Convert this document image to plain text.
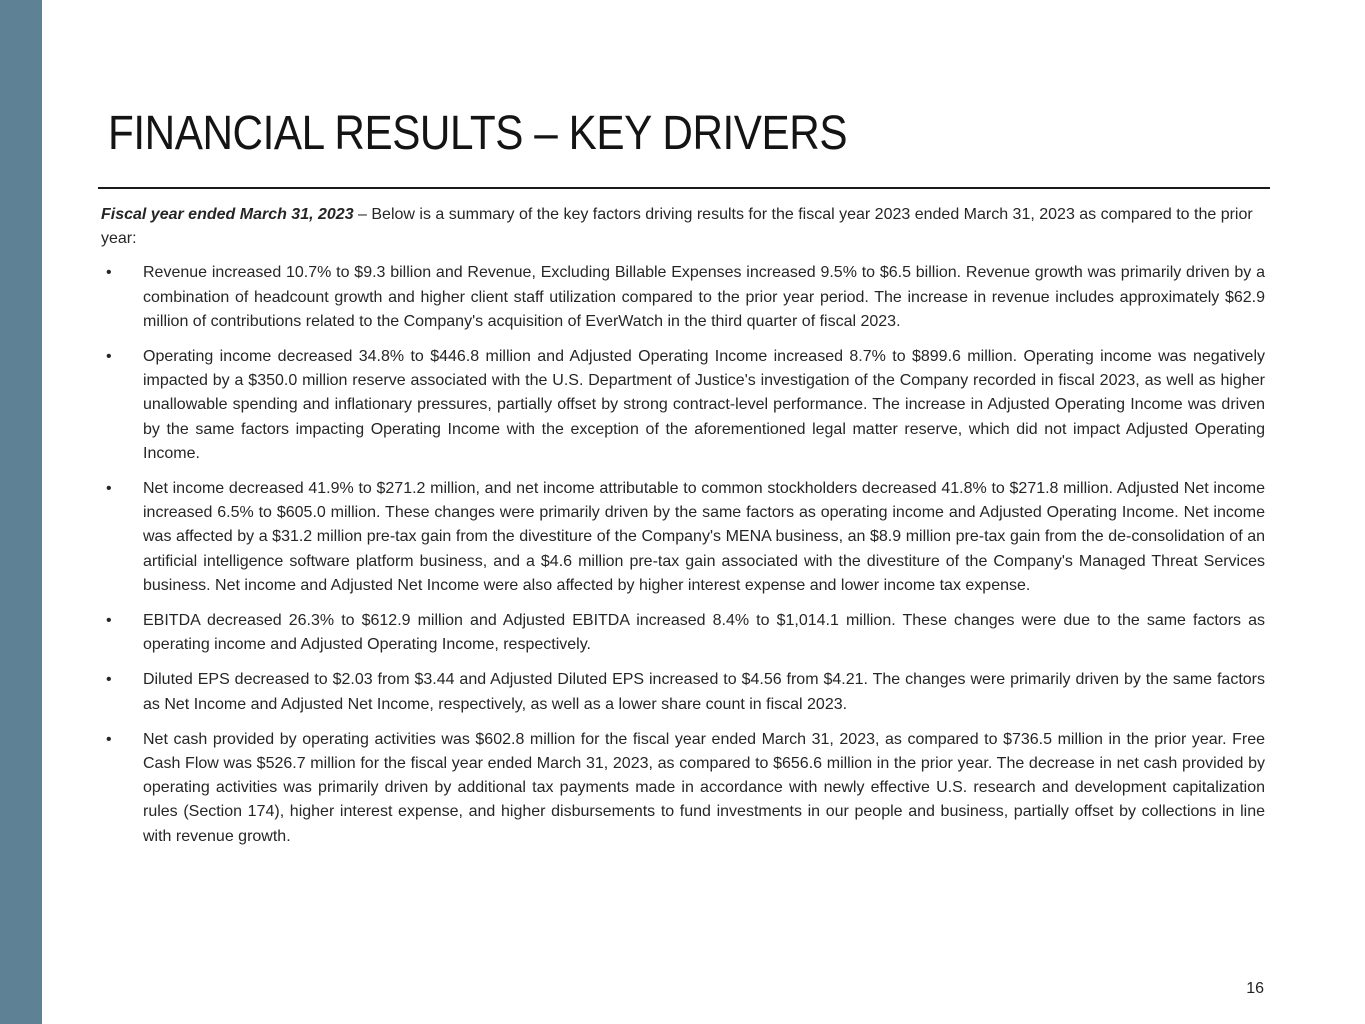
FINANCIAL RESULTS – KEY DRIVERS

Fiscal year ended March 31, 2023 – Below is a summary of the key factors driving results for the fiscal year 2023 ended March 31, 2023 as compared to the prior year:

•	Revenue increased 10.7% to $9.3 billion and Revenue, Excluding Billable Expenses increased 9.5% to $6.5 billion. Revenue growth was primarily driven by a combination of headcount growth and higher client staff utilization compared to the prior year period. The increase in revenue includes approximately $62.9 million of contributions related to the Company's acquisition of EverWatch in the third quarter of fiscal 2023.
•	Operating income decreased 34.8% to $446.8 million and Adjusted Operating Income increased 8.7% to $899.6 million. Operating income was negatively impacted by a $350.0 million reserve associated with the U.S. Department of Justice's investigation of the Company recorded in fiscal 2023, as well as higher unallowable spending and inflationary pressures, partially offset by strong contract-level performance. The increase in Adjusted Operating Income was driven by the same factors impacting Operating Income with the exception of the aforementioned legal matter reserve, which did not impact Adjusted Operating Income.
•	Net income decreased 41.9% to $271.2 million, and net income attributable to common stockholders decreased 41.8% to $271.8 million. Adjusted Net income increased 6.5% to $605.0 million. These changes were primarily driven by the same factors as operating income and Adjusted Operating Income. Net income was affected by a $31.2 million pre-tax gain from the divestiture of the Company's MENA business, an $8.9 million pre-tax gain from the de-consolidation of an artificial intelligence software platform business, and a $4.6 million pre-tax gain associated with the divestiture of the Company's Managed Threat Services business. Net income and Adjusted Net Income were also affected by higher interest expense and lower income tax expense.
•	EBITDA decreased 26.3% to $612.9 million and Adjusted EBITDA increased 8.4% to $1,014.1 million. These changes were due to the same factors as operating income and Adjusted Operating Income, respectively.
•	Diluted EPS decreased to $2.03 from $3.44 and Adjusted Diluted EPS increased to $4.56 from $4.21. The changes were primarily driven by the same factors as Net Income and Adjusted Net Income, respectively, as well as a lower share count in fiscal 2023.
•	Net cash provided by operating activities was $602.8 million for the fiscal year ended March 31, 2023, as compared to $736.5 million in the prior year. Free Cash Flow was $526.7 million for the fiscal year ended March 31, 2023, as compared to $656.6 million in the prior year. The decrease in net cash provided by operating activities was primarily driven by additional tax payments made in accordance with newly effective U.S. research and development capitalization rules (Section 174), higher interest expense, and higher disbursements to fund investments in our people and business, partially offset by collections in line with revenue growth.
16
